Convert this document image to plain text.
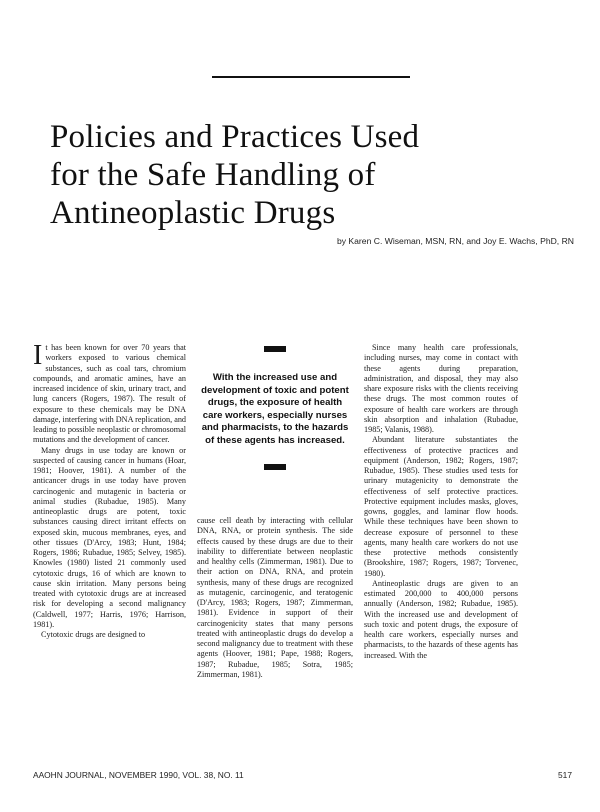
Policies and Practices Used
for the Safe Handling of
Antineoplastic Drugs
by Karen C. Wiseman, MSN, RN, and Joy E. Wachs, PhD, RN

It has been known for over 70 years that workers exposed to various chemical substances, such as coal tars, chromium compounds, and aromatic amines, have an increased incidence of skin, urinary tract, and lung cancers (Rogers, 1987). The result of exposure to these chemicals may be DNA damage, interfering with DNA replication, and leading to possible neoplastic or chromosomal mutations and the development of cancer.

Many drugs in use today are known or suspected of causing cancer in humans (Hoar, 1981; Hoover, 1981). A number of the anticancer drugs in use today have proven carcinogenic and mutagenic in bacteria or animal studies (Rubadue, 1985). Many antineoplastic drugs are potent, toxic substances causing direct irritant effects on exposed skin, mucous membranes, eyes, and other tissues (D'Arcy, 1983; Hunt, 1984; Rogers, 1986; Rubadue, 1985; Selvey, 1985). Knowles (1980) listed 21 commonly used cytotoxic drugs, 16 of which are known to cause skin irritation. Many persons being treated with cytotoxic drugs are at increased risk for developing a second malignancy (Caldwell, 1977; Harris, 1976; Harrison, 1981).

Cytotoxic drugs are designed to

With the increased use and development of toxic and potent drugs, the exposure of health care workers, especially nurses and pharmacists, to the hazards of these agents has increased.

cause cell death by interacting with cellular DNA, RNA, or protein synthesis. The side effects caused by these drugs are due to their inability to differentiate between neoplastic and healthy cells (Zimmerman, 1981). Due to their action on DNA, RNA, and protein synthesis, many of these drugs are recognized as mutagenic, carcinogenic, and teratogenic (D'Arcy, 1983; Rogers, 1987; Zimmerman, 1981). Evidence in support of their carcinogenicity states that many persons treated with antineoplastic drugs do develop a second malignancy due to treatment with these agents (Hoover, 1981; Pape, 1988; Rogers, 1987; Rubadue, 1985; Sotra, 1985; Zimmerman, 1981).

Since many health care professionals, including nurses, may come in contact with these agents during preparation, administration, and disposal, they may also share exposure risks with the clients receiving these drugs. The most common routes of exposure of health care workers are through skin absorption and inhalation (Rubadue, 1985; Valanis, 1988).

Abundant literature substantiates the effectiveness of protective practices and equipment (Anderson, 1982; Rogers, 1987; Rubadue, 1985). These studies used tests for urinary mutagenicity to demonstrate the effectiveness of self protective practices. Protective equipment includes masks, gloves, gowns, goggles, and laminar flow hoods. While these techniques have been shown to decrease exposure of personnel to these agents, many health care workers do not use these protective methods consistently (Brookshire, 1987; Rogers, 1987; Torvenec, 1980).

Antineoplastic drugs are given to an estimated 200,000 to 400,000 persons annually (Anderson, 1982; Rubadue, 1985). With the increased use and development of such toxic and potent drugs, the exposure of health care workers, especially nurses and pharmacists, to the hazards of these agents has increased. With the

AAOHN JOURNAL, NOVEMBER 1990, VOL. 38, NO. 11	517
